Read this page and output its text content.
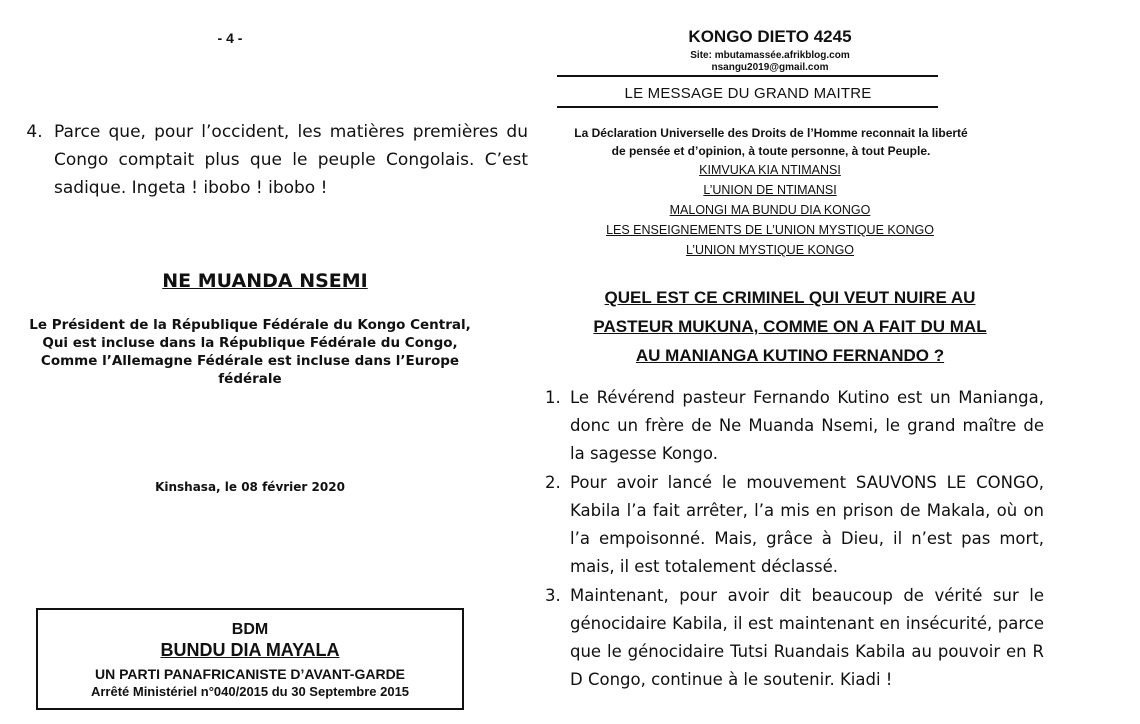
- 4 -
4. Parce que, pour l’occident, les matières premières du Congo comptait plus que le peuple Congolais. C’est sadique. Ingeta ! ibobo ! ibobo !
NE MUANDA NSEMI
Le Président de la République Fédérale du Kongo Central,
Qui est incluse dans la République Fédérale du Congo,
Comme l’Allemagne Fédérale est incluse dans l’Europe fédérale
Kinshasa, le 08 février 2020
BDM
BUNDU DIA MAYALA
UN PARTI PANAFRICANISTE D’AVANT-GARDE
Arrêté Ministériel n°040/2015 du 30 Septembre 2015
KONGO DIETO 4245
Site: mbutamassée.afrikblog.com
nsangu2019@gmail.com
LE MESSAGE DU GRAND MAITRE
La Déclaration Universelle des Droits de l’Homme reconnait la liberté
de pensée et d’opinion, à toute personne, à tout Peuple.
KIMVUKA KIA NTIMANSI
L’UNION DE NTIMANSI
MALONGI MA BUNDU DIA KONGO
LES ENSEIGNEMENTS DE L’UNION MYSTIQUE KONGO
L’UNION MYSTIQUE KONGO
QUEL EST CE CRIMINEL QUI VEUT NUIRE AU
PASTEUR MUKUNA, COMME ON A FAIT DU MAL
AU MANIANGA KUTINO FERNANDO ?
1. Le Révérend pasteur Fernando Kutino est un Manianga, donc un frère de Ne Muanda Nsemi, le grand maître de la sagesse Kongo.
2. Pour avoir lancé le mouvement SAUVONS LE CONGO, Kabila l’a fait arrêter, l’a mis en prison de Makala, où on l’a empoisonné. Mais, grâce à Dieu, il n’est pas mort, mais, il est totalement déclassé.
3. Maintenant, pour avoir dit beaucoup de vérité sur le génocidaire Kabila, il est maintenant en insécurité, parce que le génocidaire Tutsi Ruandais Kabila au pouvoir en R D Congo, continue à le soutenir. Kiadi !
